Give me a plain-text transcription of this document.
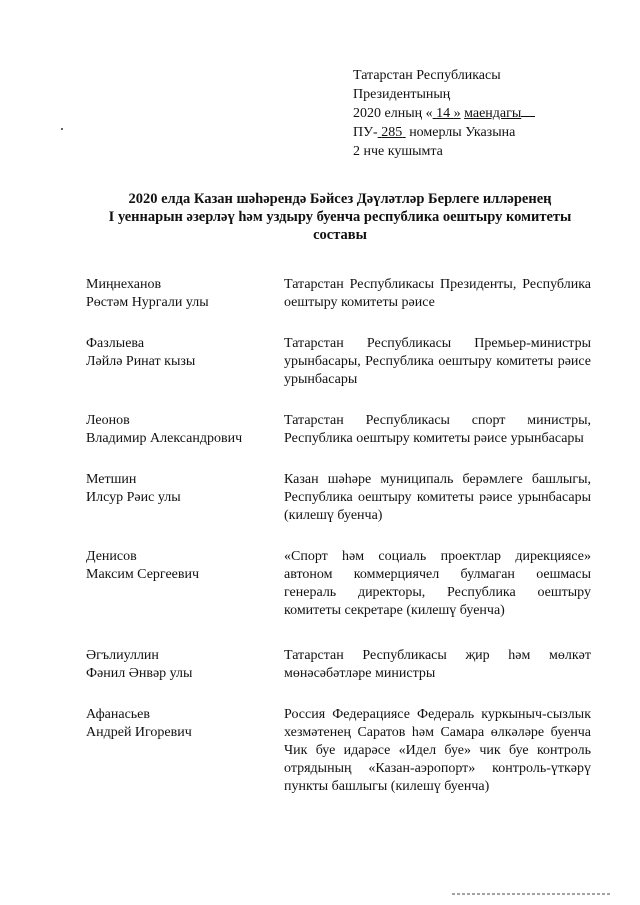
Татарстан Республикасы
Президентының
2020 елның « 14 » маендагы
ПУ- 285 номерлы Указына
2 нче кушымта
2020 елда Казан шәһәрендә Бәйсез Дәүләтләр Берлеге илләренең
I уеннарын әзерләү һәм уздыру буенча республика оештыру комитеты
составы
Миңнеханов
Рөстәм Нургали улы
Татарстан Республикасы Президенты, Республика оештыру комитеты рәисе
Фазлыева
Ләйлә Ринат кызы
Татарстан Республикасы Премьер-министры урынбасары, Республика оештыру комитеты рәисе урынбасары
Леонов
Владимир Александрович
Татарстан Республикасы спорт министры, Республика оештыру комитеты рәисе урынбасары
Метшин
Илсур Рәис улы
Казан шәһәре муниципаль берәмлеге башлыгы, Республика оештыру комитеты рәисе урынбасары (килешү буенча)
Денисов
Максим Сергеевич
«Спорт һәм социаль проектлар дирекциясе» автоном коммерциячел булмаган оешмасы генераль директоры, Республика оештыру комитеты секретаре (килешү буенча)
Әгълиуллин
Фәнил Әнвәр улы
Татарстан Республикасы җир һәм мөлкәт мөнәсәбәтләре министры
Афанасьев
Андрей Игоревич
Россия Федерациясе Федераль куркыныч-сызлык хезмәтенең Саратов һәм Самара өлкәләре буенча Чик буе идарәсе «Идел буе» чик буе контроль отрядының «Казан-аэропорт» контроль-үткәрү пункты башлыгы (килешү буенча)
